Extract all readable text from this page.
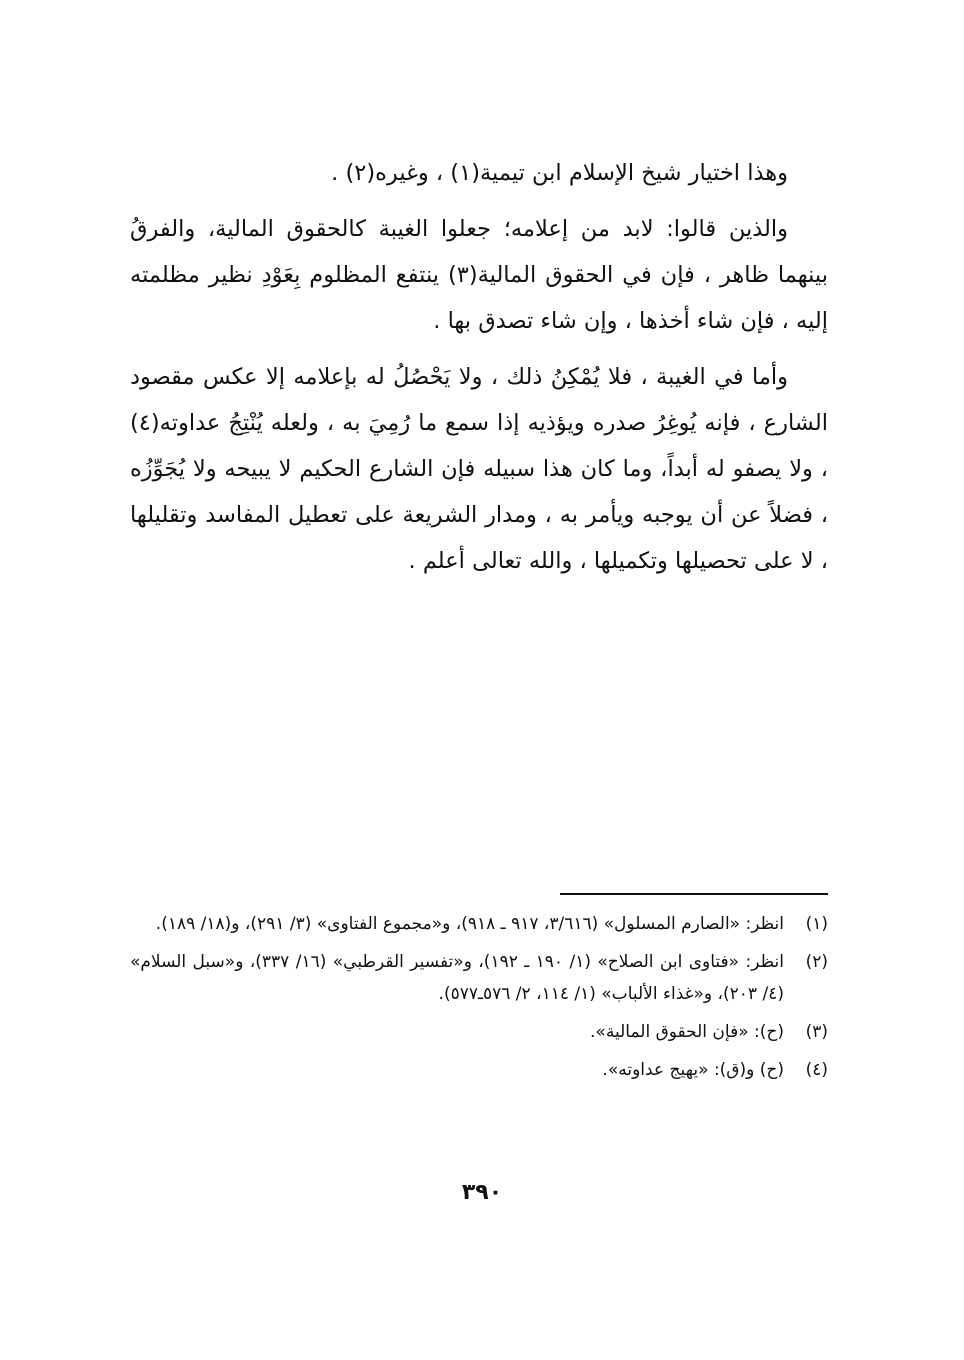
وهذا اختيار شيخ الإسلام ابن تيمية(١) ، وغيره(٢) .

والذين قالوا: لابد من إعلامه؛ جعلوا الغيبة كالحقوق المالية، والفرقُ بينهما ظاهر ، فإن في الحقوق المالية(٣) ينتفع المظلوم بِعَوْدِ نظير مظلمته إليه ، فإن شاء أخذها ، وإن شاء تصدق بها .

وأما في الغيبة ، فلا يُمْكِنُ ذلك ، ولا يَحْصُلُ له بإعلامه إلا عكس مقصود الشارع ، فإنه يُوغِرُ صدره ويؤذيه إذا سمع ما رُمِيَ به ، ولعله يُنْتِجُ عداوته(٤) ، ولا يصفو له أبداً، وما كان هذا سبيله فإن الشارع الحكيم لا يبيحه ولا يُجَوِّزُه ، فضلاً عن أن يوجبه ويأمر به ، ومدار الشريعة على تعطيل المفاسد وتقليلها ، لا على تحصيلها وتكميلها ، والله تعالى أعلم .

(١)
انظر: «الصارم المسلول» (٣/٦١٦، ٩١٧ ـ ٩١٨)، و«مجموع الفتاوى» (٣/ ٢٩١)، و(١٨/ ١٨٩).
(٢)
انظر: «فتاوى ابن الصلاح» (١/ ١٩٠ ـ ١٩٢)، و«تفسير القرطبي» (١٦/ ٣٣٧)، و«سبل السلام» (٤/ ٢٠٣)، و«غذاء الألباب» (١/ ١١٤، ٢/ ٥٧٦ـ٥٧٧).
(٣)
(ح): «فإن الحقوق المالية».
(٤)
(ح) و(ق): «يهيج عداوته».
٣٩٠
